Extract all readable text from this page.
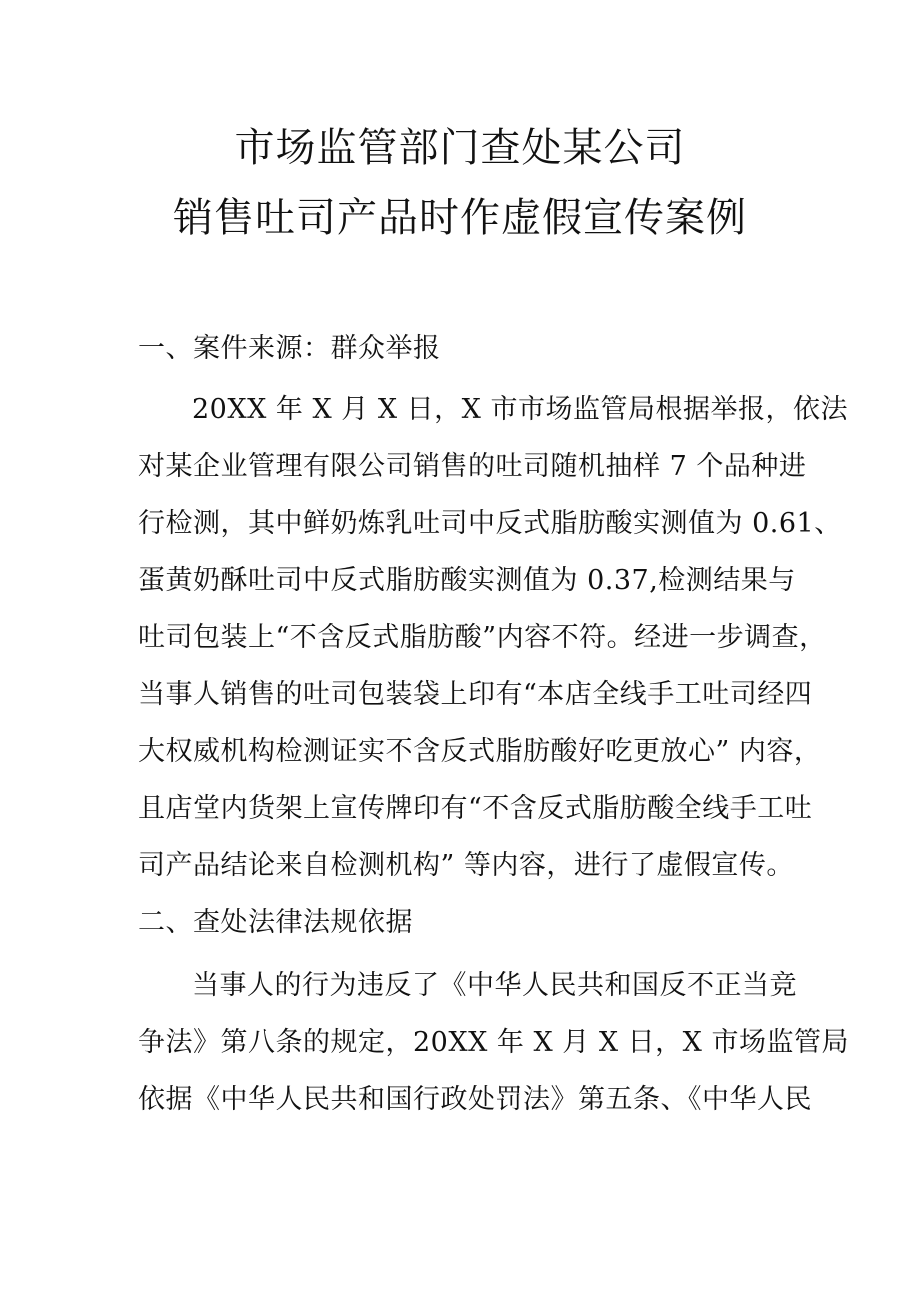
市场监管部门查处某公司
销售吐司产品时作虚假宣传案例
一、案件来源：群众举报
20XX 年 X 月 X 日，X 市市场监管局根据举报，依法
对某企业管理有限公司销售的吐司随机抽样 7 个品种进
行检测，其中鲜奶炼乳吐司中反式脂肪酸实测值为 0.61、
蛋黄奶酥吐司中反式脂肪酸实测值为 0.37,检测结果与
吐司包装上“不含反式脂肪酸”内容不符。经进一步调查，
当事人销售的吐司包装袋上印有“本店全线手工吐司经四
大权威机构检测证实不含反式脂肪酸好吃更放心” 内容，
且店堂内货架上宣传牌印有“不含反式脂肪酸全线手工吐
司产品结论来自检测机构” 等内容，进行了虚假宣传。
二、查处法律法规依据
当事人的行为违反了《中华人民共和国反不正当竞
争法》第八条的规定，20XX 年 X 月 X 日，X 市场监管局
依据《中华人民共和国行政处罚法》第五条、《中华人民
